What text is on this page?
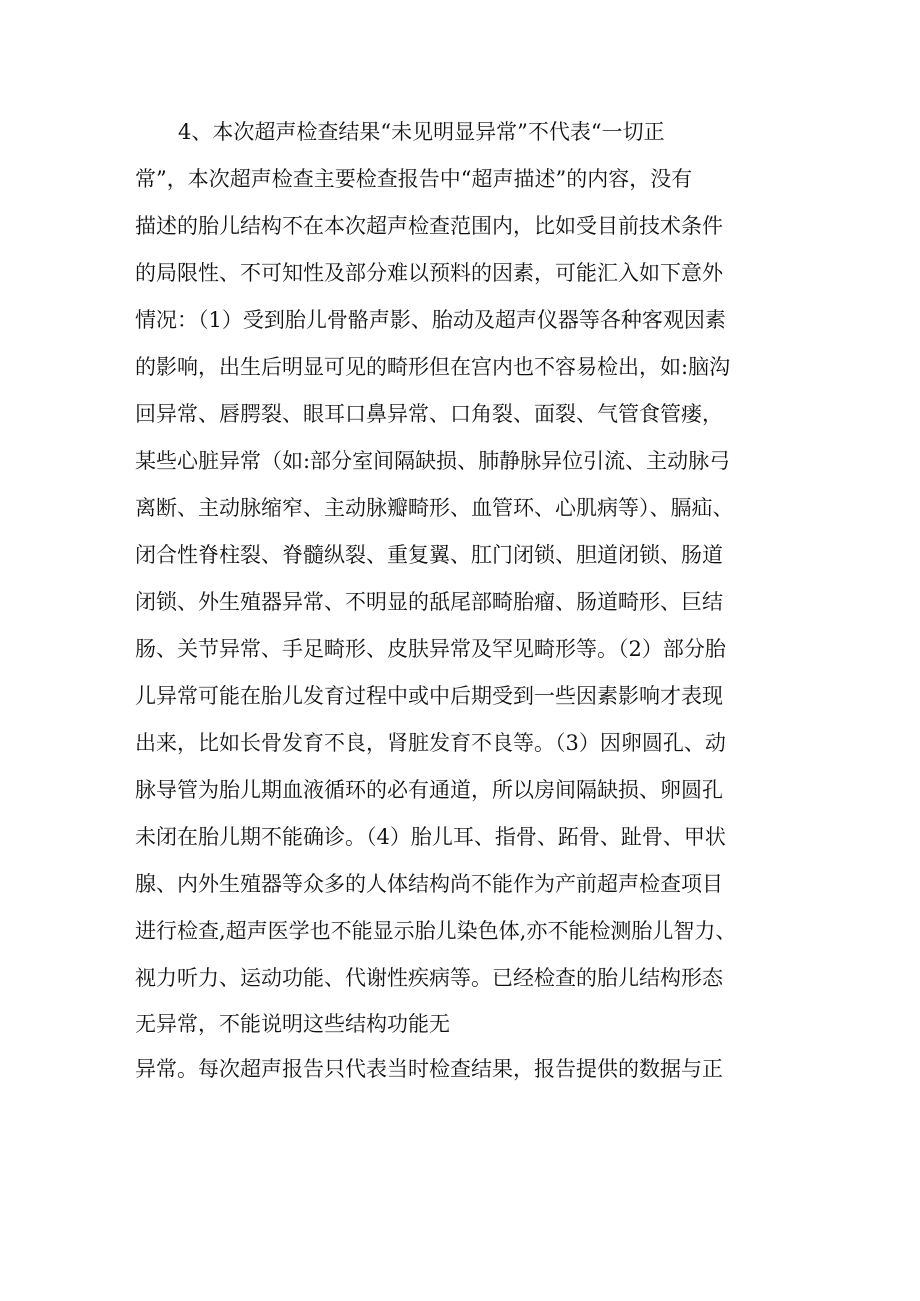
4、本次超声检查结果“未见明显异常”不代表“一切正
常”，本次超声检查主要检查报告中“超声描述”的内容，没有
描述的胎儿结构不在本次超声检查范围内，比如受目前技术条件
的局限性、不可知性及部分难以预料的因素，可能汇入如下意外
情况：（1）受到胎儿骨骼声影、胎动及超声仪器等各种客观因素
的影响，出生后明显可见的畸形但在宫内也不容易检出，如:脑沟
回异常、唇腭裂、眼耳口鼻异常、口角裂、面裂、气管食管瘘，
某些心脏异常（如:部分室间隔缺损、肺静脉异位引流、主动脉弓
离断、主动脉缩窄、主动脉瓣畸形、血管环、心肌病等）、膈疝、
闭合性脊柱裂、脊髓纵裂、重复翼、肛门闭锁、胆道闭锁、肠道
闭锁、外生殖器异常、不明显的舐尾部畸胎瘤、肠道畸形、巨结
肠、关节异常、手足畸形、皮肤异常及罕见畸形等。（2）部分胎
儿异常可能在胎儿发育过程中或中后期受到一些因素影响才表现
出来，比如长骨发育不良，肾脏发育不良等。（3）因卵圆孔、动
脉导管为胎儿期血液循环的必有通道，所以房间隔缺损、卵圆孔
未闭在胎儿期不能确诊。（4）胎儿耳、指骨、跖骨、趾骨、甲状
腺、内外生殖器等众多的人体结构尚不能作为产前超声检查项目
进行检查,超声医学也不能显示胎儿染色体,亦不能检测胎儿智力、
视力听力、运动功能、代谢性疾病等。已经检查的胎儿结构形态
无异常，不能说明这些结构功能无
异常。每次超声报告只代表当时检查结果，报告提供的数据与正
